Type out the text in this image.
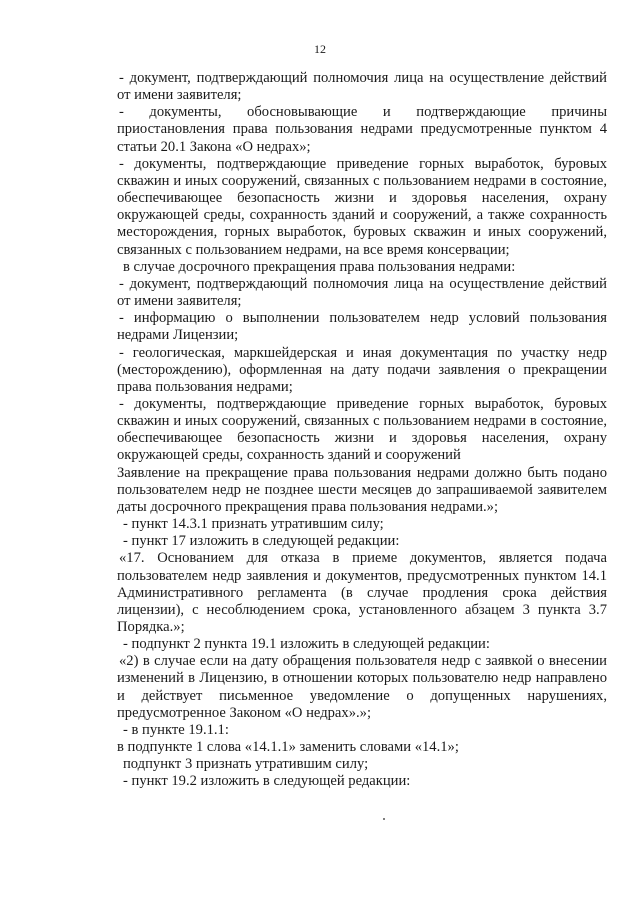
12

- документ, подтверждающий полномочия лица на осуществление действий от имени заявителя;

- документы, обосновывающие и подтверждающие причины приостановления права пользования недрами предусмотренные пунктом 4 статьи 20.1 Закона «О недрах»;

- документы, подтверждающие приведение горных выработок, буровых скважин и иных сооружений, связанных с пользованием недрами в состояние, обеспечивающее безопасность жизни и здоровья населения, охрану окружающей среды, сохранность зданий и сооружений, а также сохранность месторождения, горных выработок, буровых скважин и иных сооружений, связанных с пользованием недрами, на все время консервации;

в случае досрочного прекращения права пользования недрами:

- документ, подтверждающий полномочия лица на осуществление действий от имени заявителя;

- информацию о выполнении пользователем недр условий пользования недрами Лицензии;

- геологическая, маркшейдерская и иная документация по участку недр (месторождению), оформленная на дату подачи заявления о прекращении права пользования недрами;

- документы, подтверждающие приведение горных выработок, буровых скважин и иных сооружений, связанных с пользованием недрами в состояние, обеспечивающее безопасность жизни и здоровья населения, охрану окружающей среды, сохранность зданий и сооружений

Заявление на прекращение права пользования недрами должно быть подано пользователем недр не позднее шести месяцев до запрашиваемой заявителем даты досрочного прекращения права пользования недрами.»;

- пункт 14.3.1 признать утратившим силу;

- пункт 17 изложить в следующей редакции:

«17. Основанием для отказа в приеме документов, является подача пользователем недр заявления и документов, предусмотренных пунктом 14.1 Административного регламента (в случае продления срока действия лицензии), с несоблюдением срока, установленного абзацем 3 пункта 3.7 Порядка.»;

- подпункт 2 пункта 19.1 изложить в следующей редакции:

«2) в случае если на дату обращения пользователя недр с заявкой о внесении изменений в Лицензию, в отношении которых пользователю недр направлено и действует письменное уведомление о допущенных нарушениях, предусмотренное Законом «О недрах».»;

- в пункте 19.1.1:

в подпункте 1 слова «14.1.1» заменить словами «14.1»;

подпункт 3 признать утратившим силу;

- пункт 19.2 изложить в следующей редакции:
